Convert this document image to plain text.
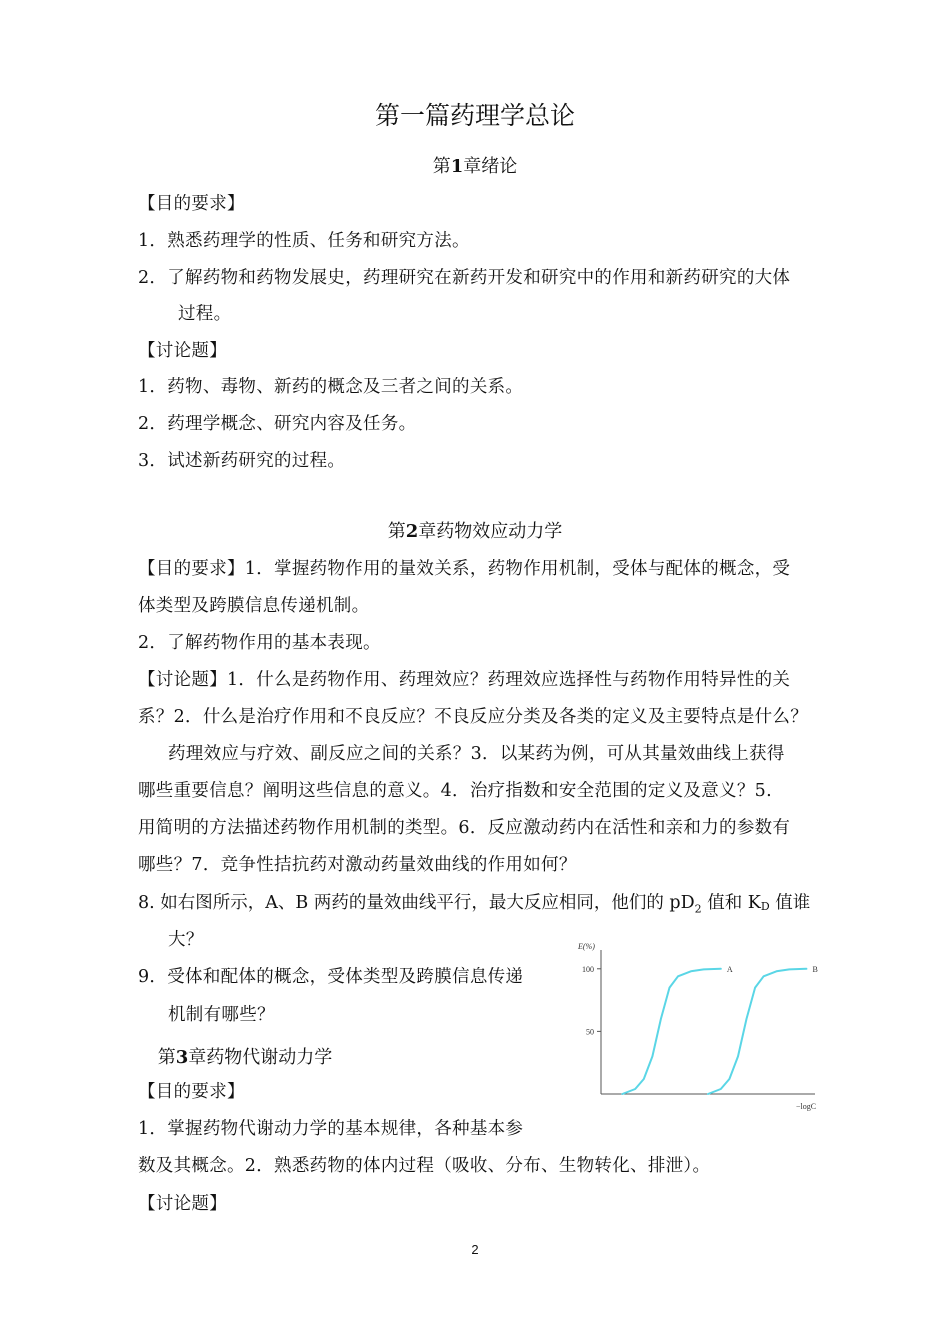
第一篇药理学总论
第1章绪论
【目的要求】
1．熟悉药理学的性质、任务和研究方法。
2．了解药物和药物发展史，药理研究在新药开发和研究中的作用和新药研究的大体
过程。
【讨论题】
1．药物、毒物、新药的概念及三者之间的关系。
2．药理学概念、研究内容及任务。
3．试述新药研究的过程。
第2章药物效应动力学
【目的要求】1．掌握药物作用的量效关系，药物作用机制，受体与配体的概念，受
体类型及跨膜信息传递机制。
2．了解药物作用的基本表现。
【讨论题】1．什么是药物作用、药理效应？药理效应选择性与药物作用特异性的关
系？2．什么是治疗作用和不良反应？不良反应分类及各类的定义及主要特点是什么？
药理效应与疗效、副反应之间的关系？3．以某药为例，可从其量效曲线上获得
哪些重要信息？阐明这些信息的意义。4．治疗指数和安全范围的定义及意义？5.
用简明的方法描述药物作用机制的类型。6．反应激动药内在活性和亲和力的参数有
哪些？7．竞争性拮抗药对激动药量效曲线的作用如何？
8. 如右图所示，A、B 两药的量效曲线平行，最大反应相同，他们的 $pD_2$ 值和 KD 值谁
大？
9．受体和配体的概念，受体类型及跨膜信息传递
机制有哪些？
E(%)
100
50
A	B
−logC
第3章药物代谢动力学
【目的要求】
1．掌握药物代谢动力学的基本规律，各种基本参
数及其概念。2．熟悉药物的体内过程（吸收、分布、生物转化、排泄）。
【讨论题】
2
